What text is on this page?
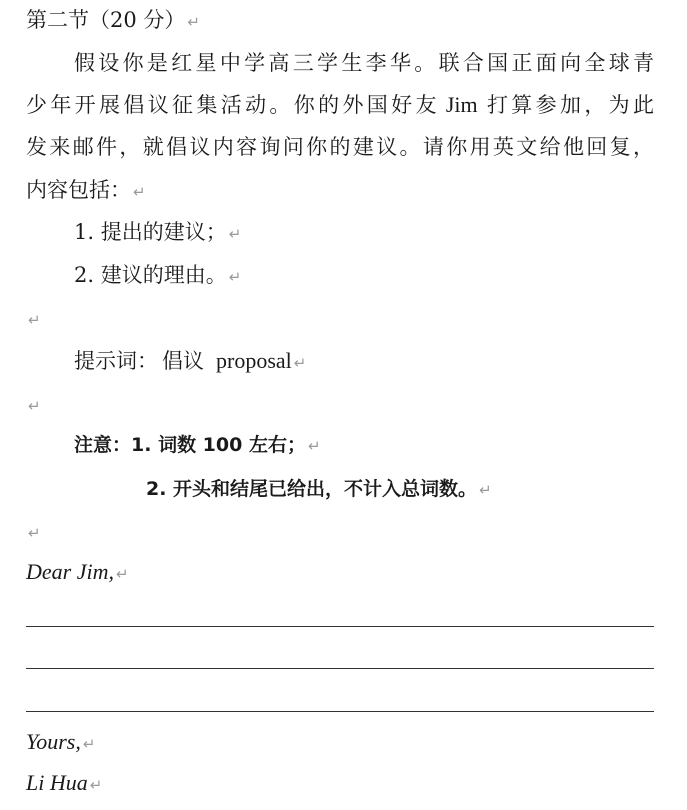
第二节（20 分） ↵
假设你是红星中学高三学生李华。联合国正面向全球青
少年开展倡议征集活动。你的外国好友 Jim 打算参加，为此
发来邮件，就倡议内容询问你的建议。请你用英文给他回复，
内容包括： ↵
1. 提出的建议； ↵
2. 建议的理由。 ↵
↵
提示词： 倡议 proposal ↵
↵
注意：1. 词数 100 左右； ↵
2. 开头和结尾已给出，不计入总词数。 ↵
↵
Dear Jim, ↵
Yours, ↵
Li Hua ↵
